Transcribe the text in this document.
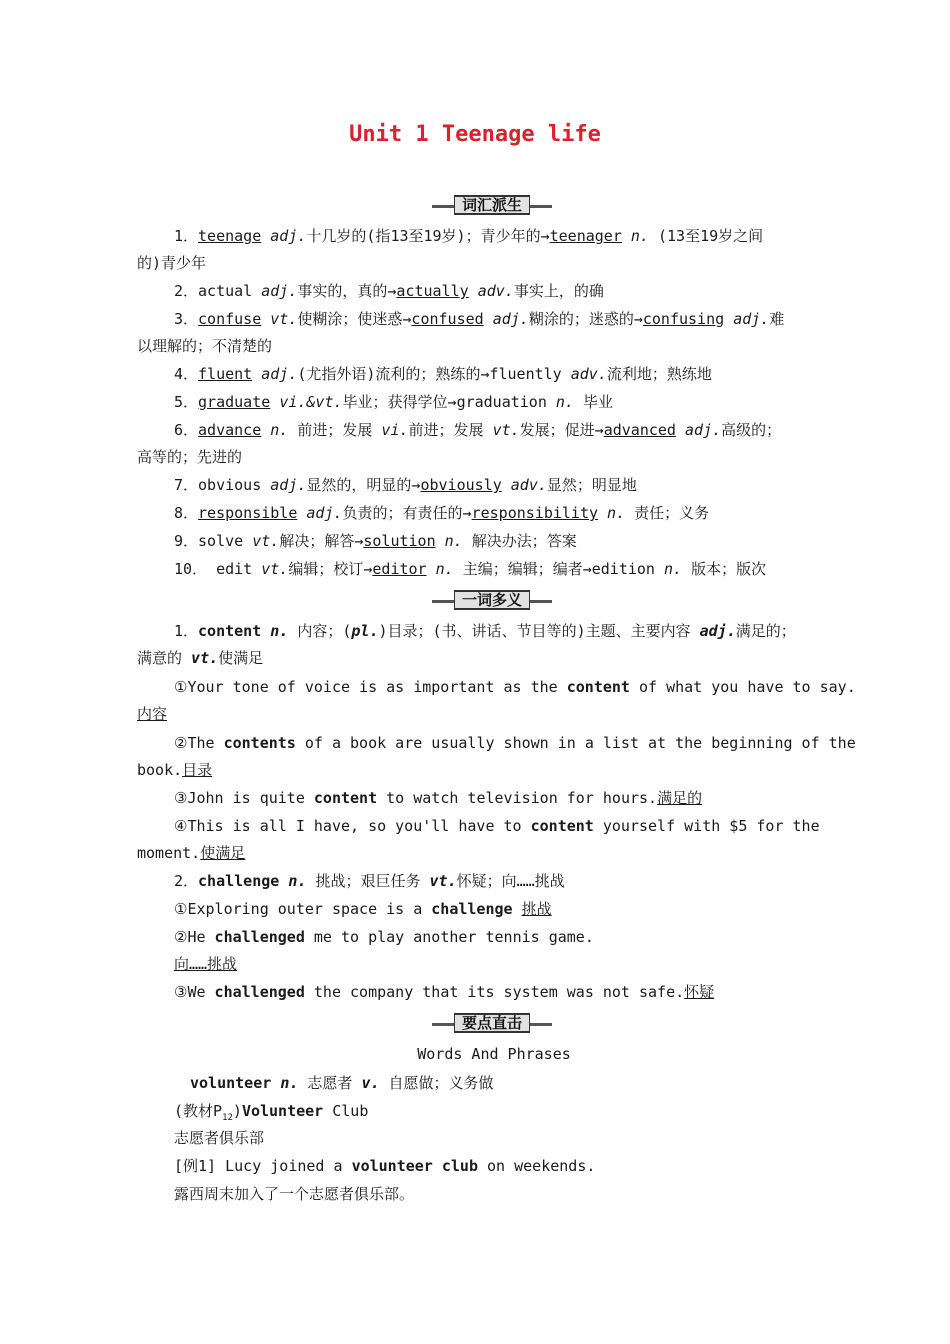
Unit 1 Teenage life
词汇派生
1．teenage adj.十几岁的(指13至19岁)；青少年的→teenager n. (13至19岁之间
的)青少年
2．actual adj.事实的，真的→actually adv.事实上，的确
3．confuse vt.使糊涂；使迷惑→confused adj.糊涂的；迷惑的→confusing adj.难
以理解的；不清楚的
4．fluent adj.(尤指外语)流利的；熟练的→fluently adv.流利地；熟练地
5．graduate vi.&vt.毕业；获得学位→graduation n. 毕业
6．advance n. 前进；发展 vi.前进；发展 vt.发展；促进→advanced adj.高级的；
高等的；先进的
7．obvious adj.显然的，明显的→obviously adv.显然；明显地
8．responsible adj.负责的；有责任的→responsibility n. 责任；义务
9．solve vt.解决；解答→solution n. 解决办法；答案
10． edit vt.编辑；校订→editor n. 主编；编辑；编者→edition n. 版本；版次
一词多义
1．content n. 内容；(pl.)目录；(书、讲话、节目等的)主题、主要内容 adj.满足的；
满意的 vt.使满足
①Your tone of voice is as important as the content of what you have to say.
内容
②The contents of a book are usually shown in a list at the beginning of the
book.目录
③John is quite content to watch television for hours.满足的
④This is all I have, so you'll have to content yourself with $5 for the
moment.使满足
2．challenge n. 挑战；艰巨任务 vt.怀疑；向……挑战
①Exploring outer space is a challenge 挑战
②He challenged me to play another tennis game.
向……挑战
③We challenged the company that its system was not safe.怀疑
要点直击
Words And Phrases
volunteer n. 志愿者 v. 自愿做；义务做
(教材$P_{12})Volunteer$ Club
志愿者俱乐部
[例1] Lucy joined a volunteer club on weekends.
露西周末加入了一个志愿者俱乐部。
